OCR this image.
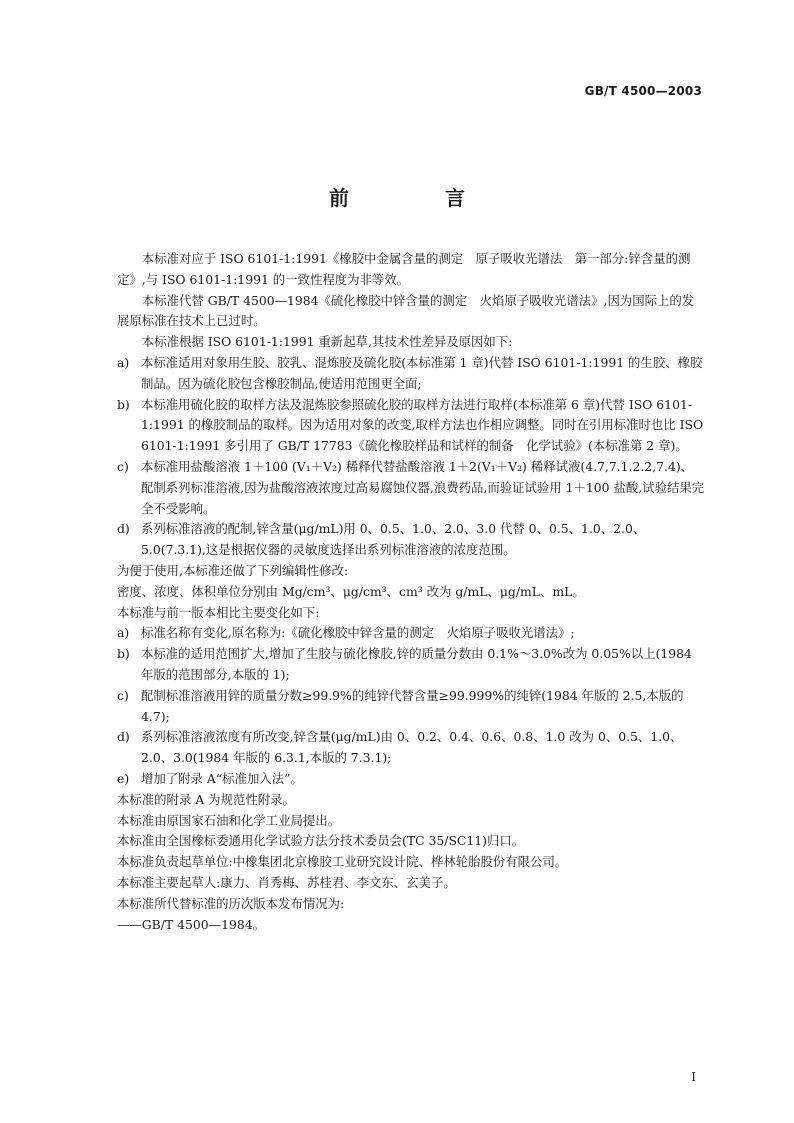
GB/T 4500—2003
前　言

本标准对应于 ISO 6101-1:1991《橡胶中金属含量的测定　原子吸收光谱法　第一部分:锌含量的测定》,与 ISO 6101-1:1991 的一致性程度为非等效。

本标准代替 GB/T 4500—1984《硫化橡胶中锌含量的测定　火焰原子吸收光谱法》,因为国际上的发展原标准在技术上已过时。

本标准根据 ISO 6101-1:1991 重新起草,其技术性差异及原因如下:

a) 本标准适用对象用生胶、胶乳、混炼胶及硫化胶(本标准第 1 章)代替 ISO 6101-1:1991 的生胶、橡胶制品。因为硫化胶包含橡胶制品,使适用范围更全面;
b) 本标准用硫化胶的取样方法及混炼胶参照硫化胶的取样方法进行取样(本标准第 6 章)代替 ISO 6101-1:1991 的橡胶制品的取样。因为适用对象的改变,取样方法也作相应调整。同时在引用标准时也比 ISO 6101-1:1991 多引用了 GB/T 17783《硫化橡胶样品和试样的制备　化学试验》(本标准第 2 章)。
c) 本标准用盐酸溶液 1＋100 (V₁＋V₂) 稀释代替盐酸溶液 1＋2(V₁＋V₂) 稀释试液(4.7,7.1.2.2,7.4)、配制系列标准溶液,因为盐酸溶液浓度过高易腐蚀仪器,浪费药品,而验证试验用 1＋100 盐酸,试验结果完全不受影响。
d) 系列标准溶液的配制,锌含量(μg/mL)用 0、0.5、1.0、2.0、3.0 代替 0、0.5、1.0、2.0、5.0(7.3.1),这是根据仪器的灵敏度选择出系列标准溶液的浓度范围。

为便于使用,本标准还做了下列编辑性修改:

密度、浓度、体积单位分别由 Mg/cm³、μg/cm³、cm³ 改为 g/mL、μg/mL、mL。

本标准与前一版本相比主要变化如下:

a) 标准名称有变化,原名称为:《硫化橡胶中锌含量的测定　火焰原子吸收光谱法》;
b) 本标准的适用范围扩大,增加了生胶与硫化橡胶,锌的质量分数由 0.1%～3.0%改为 0.05%以上(1984 年版的范围部分,本版的 1);
c) 配制标准溶液用锌的质量分数≥99.9%的纯锌代替含量≥99.999%的纯锌(1984 年版的 2.5,本版的 4.7);
d) 系列标准溶液浓度有所改变,锌含量(μg/mL)由 0、0.2、0.4、0.6、0.8、1.0 改为 0、0.5、1.0、2.0、3.0(1984 年版的 6.3.1,本版的 7.3.1);
e) 增加了附录 A“标准加入法”。

本标准的附录 A 为规范性附录。

本标准由原国家石油和化学工业局提出。

本标准由全国橡标委通用化学试验方法分技术委员会(TC 35/SC11)归口。

本标准负责起草单位:中橡集团北京橡胶工业研究设计院、桦林轮胎股份有限公司。

本标准主要起草人:康力、肖秀梅、苏桂君、李文东、玄美子。

本标准所代替标准的历次版本发布情况为:

——GB/T 4500—1984。

I
